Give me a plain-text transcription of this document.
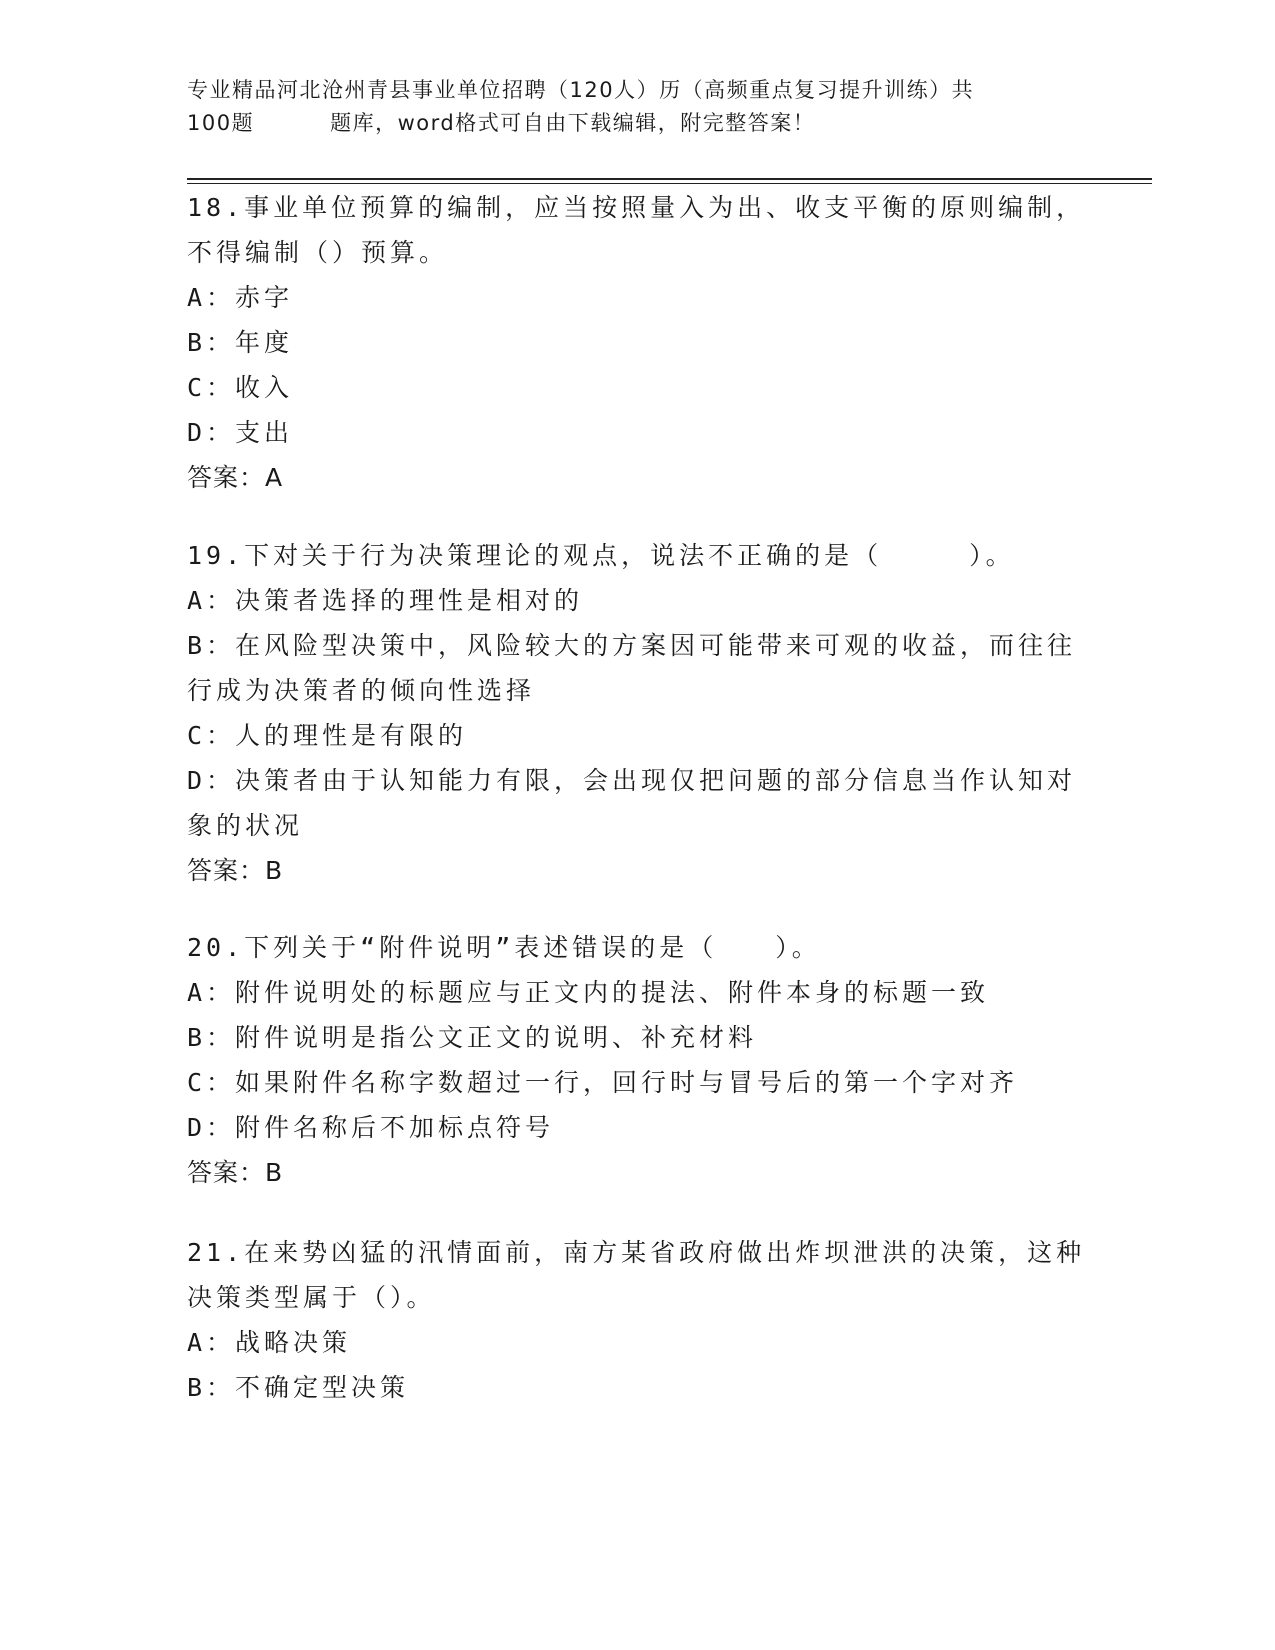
专业精品河北沧州青县事业单位招聘（120人）历（高频重点复习提升训练）共
100题	题库，word格式可自由下载编辑，附完整答案！
18.事业单位预算的编制，应当按照量入为出、收支平衡的原则编制，
不得编制（）预算。
A：赤字
B：年度
C：收入
D：支出
答案：A
19.下对关于行为决策理论的观点，说法不正确的是（　　　）。
A：决策者选择的理性是相对的
B：在风险型决策中，风险较大的方案因可能带来可观的收益，而往往
行成为决策者的倾向性选择
C：人的理性是有限的
D：决策者由于认知能力有限，会出现仅把问题的部分信息当作认知对
象的状况
答案：B
20.下列关于“附件说明”表述错误的是（　　）。
A：附件说明处的标题应与正文内的提法、附件本身的标题一致
B：附件说明是指公文正文的说明、补充材料
C：如果附件名称字数超过一行，回行时与冒号后的第一个字对齐
D：附件名称后不加标点符号
答案：B
21.在来势凶猛的汛情面前，南方某省政府做出炸坝泄洪的决策，这种
决策类型属于（）。
A：战略决策
B：不确定型决策
